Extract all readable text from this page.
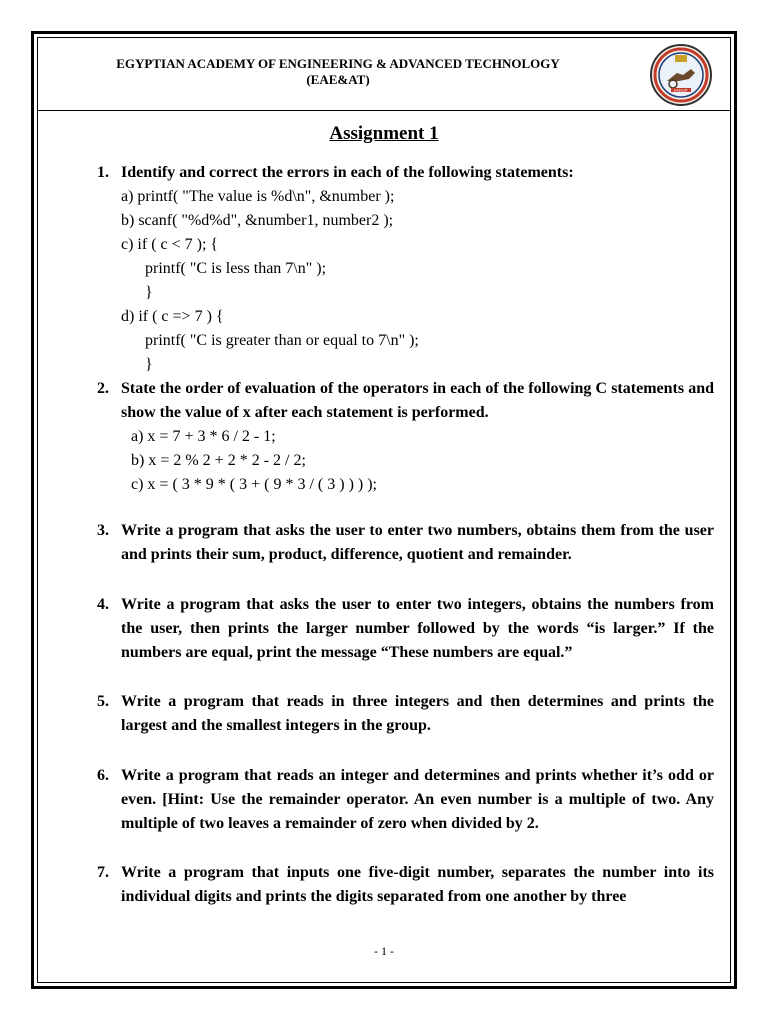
EGYPTIAN ACADEMY OF ENGINEERING & ADVANCED TECHNOLOGY
(EAE&AT)
EAE&AT
Assignment 1
1. Identify and correct the errors in each of the following statements:
a) printf( "The value is %d\n", &number );
b) scanf( "%d%d", &number1, number2 );
c) if ( c < 7 ); {
printf( "C is less than 7\n" );
}
d) if ( c => 7 ) {
printf( "C is greater than or equal to 7\n" );
}
2. State the order of evaluation of the operators in each of the following C statements and show the value of x after each statement is performed.
a) x = 7 + 3 * 6 / 2 - 1;
b) x = 2 % 2 + 2 * 2 - 2 / 2;
c) x = ( 3 * 9 * ( 3 + ( 9 * 3 / ( 3 ) ) ) );
3. Write a program that asks the user to enter two numbers, obtains them from the user and prints their sum, product, difference, quotient and remainder.
4. Write a program that asks the user to enter two integers, obtains the numbers from the user, then prints the larger number followed by the words “is larger.” If the numbers are equal, print the message “These numbers are equal.”
5. Write a program that reads in three integers and then determines and prints the largest and the smallest integers in the group.
6. Write a program that reads an integer and determines and prints whether it’s odd or even. [Hint: Use the remainder operator. An even number is a multiple of two. Any multiple of two leaves a remainder of zero when divided by 2.
7. Write a program that inputs one five-digit number, separates the number into its individual digits and prints the digits separated from one another by three
- 1 -
